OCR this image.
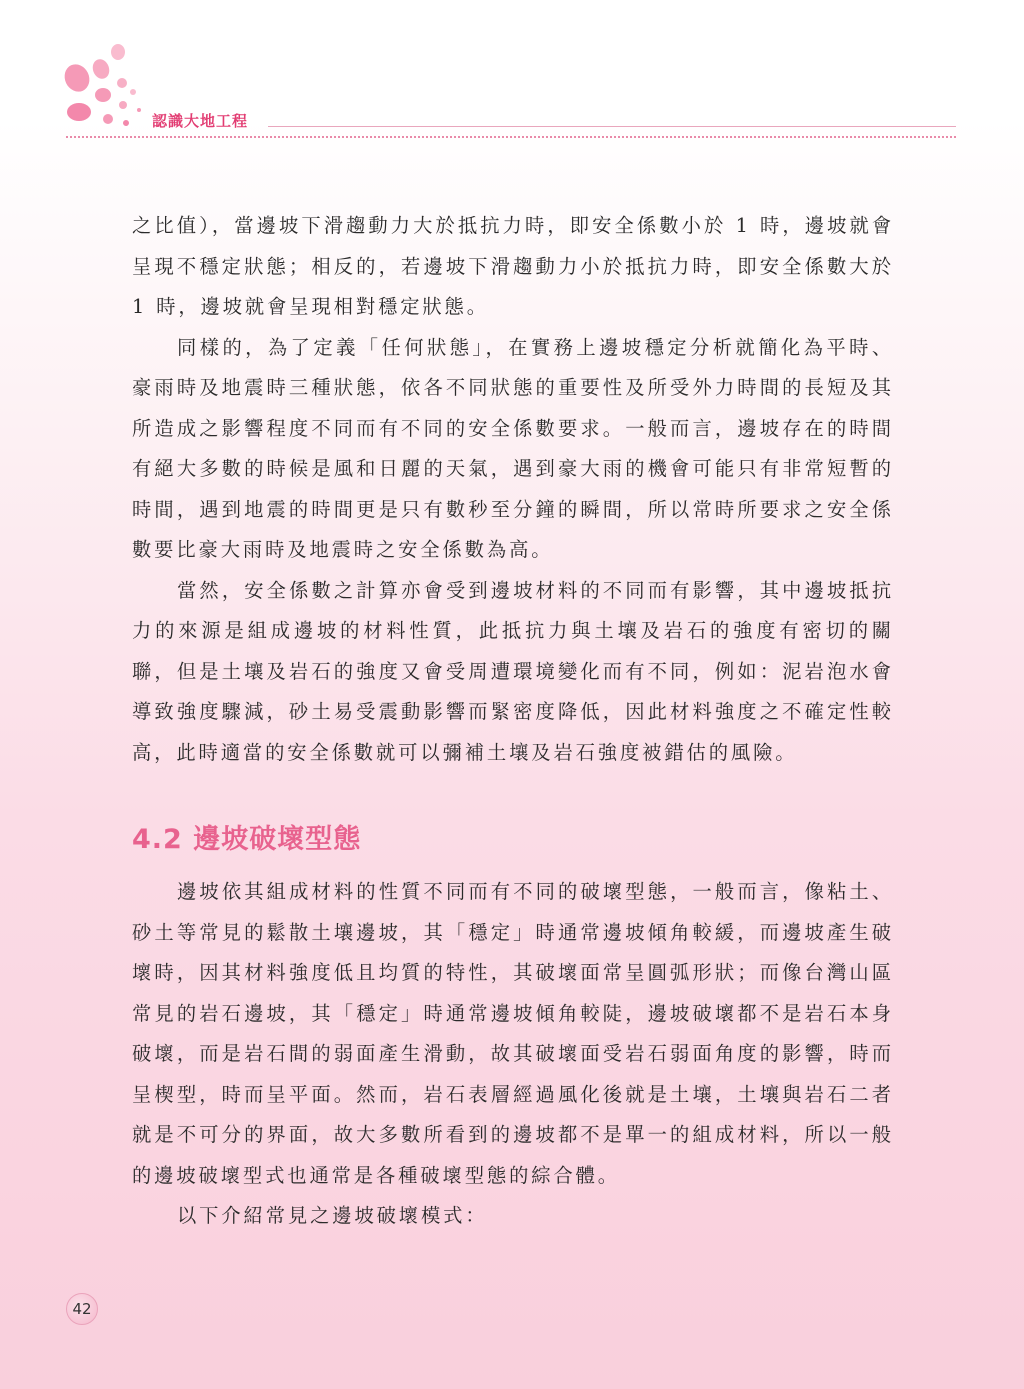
認識大地工程

之比值），當邊坡下滑趨動力大於抵抗力時，即安全係數小於 1 時，邊坡就會呈現不穩定狀態；相反的，若邊坡下滑趨動力小於抵抗力時，即安全係數大於 1 時，邊坡就會呈現相對穩定狀態。

同樣的，為了定義「任何狀態」，在實務上邊坡穩定分析就簡化為平時、豪雨時及地震時三種狀態，依各不同狀態的重要性及所受外力時間的長短及其所造成之影響程度不同而有不同的安全係數要求。一般而言，邊坡存在的時間有絕大多數的時候是風和日麗的天氣，遇到豪大雨的機會可能只有非常短暫的時間，遇到地震的時間更是只有數秒至分鐘的瞬間，所以常時所要求之安全係數要比豪大雨時及地震時之安全係數為高。

當然，安全係數之計算亦會受到邊坡材料的不同而有影響，其中邊坡抵抗力的來源是組成邊坡的材料性質，此抵抗力與土壤及岩石的強度有密切的關聯，但是土壤及岩石的強度又會受周遭環境變化而有不同，例如：泥岩泡水會導致強度驟減，砂土易受震動影響而緊密度降低，因此材料強度之不確定性較高，此時適當的安全係數就可以彌補土壤及岩石強度被錯估的風險。

4.2 邊坡破壞型態

邊坡依其組成材料的性質不同而有不同的破壞型態，一般而言，像粘土、砂土等常見的鬆散土壤邊坡，其「穩定」時通常邊坡傾角較緩，而邊坡產生破壞時，因其材料強度低且均質的特性，其破壞面常呈圓弧形狀；而像台灣山區常見的岩石邊坡，其「穩定」時通常邊坡傾角較陡，邊坡破壞都不是岩石本身破壞，而是岩石間的弱面產生滑動，故其破壞面受岩石弱面角度的影響，時而呈楔型，時而呈平面。然而，岩石表層經過風化後就是土壤，土壤與岩石二者就是不可分的界面，故大多數所看到的邊坡都不是單一的組成材料，所以一般的邊坡破壞型式也通常是各種破壞型態的綜合體。

以下介紹常見之邊坡破壞模式：

42
